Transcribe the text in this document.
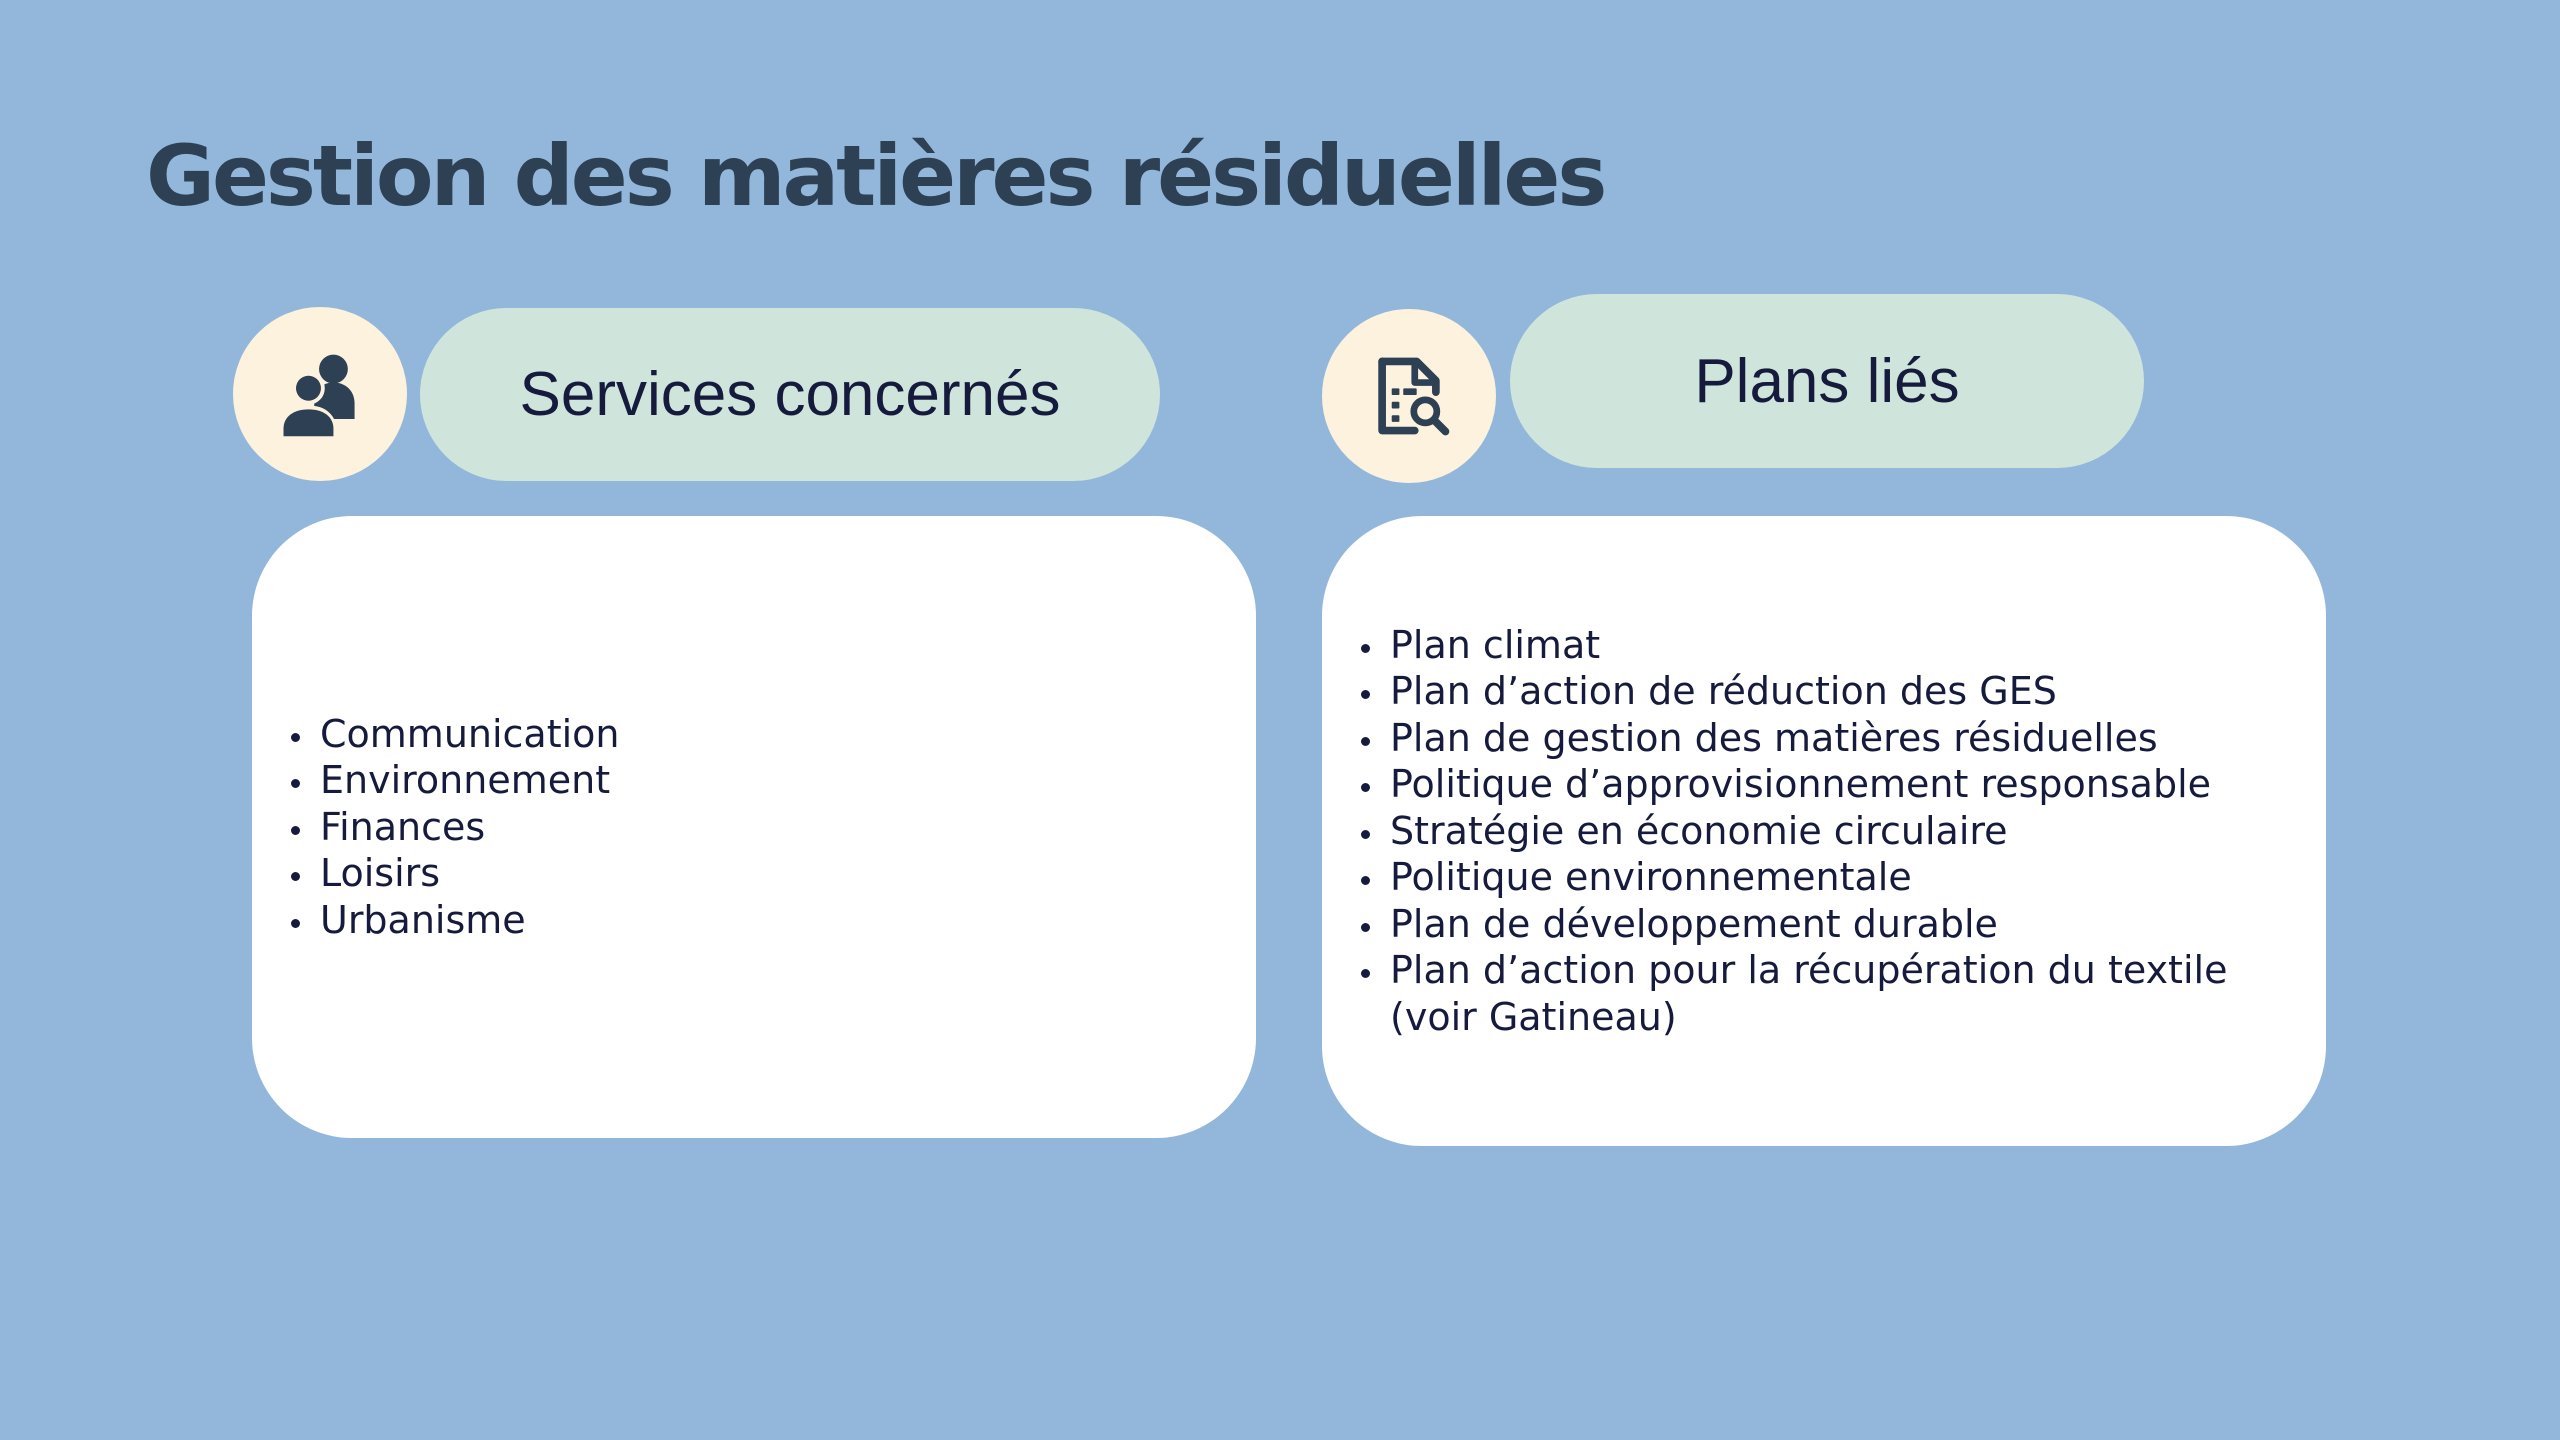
Gestion des matières résiduelles
Services concernés
• Communication
• Environnement
• Finances
• Loisirs
• Urbanisme
Plans liés
• Plan climat
• Plan d’action de réduction des GES
• Plan de gestion des matières résiduelles
• Politique d’approvisionnement responsable
• Stratégie en économie circulaire
• Politique environnementale
• Plan de développement durable
• Plan d’action pour la récupération du textile (voir Gatineau)
